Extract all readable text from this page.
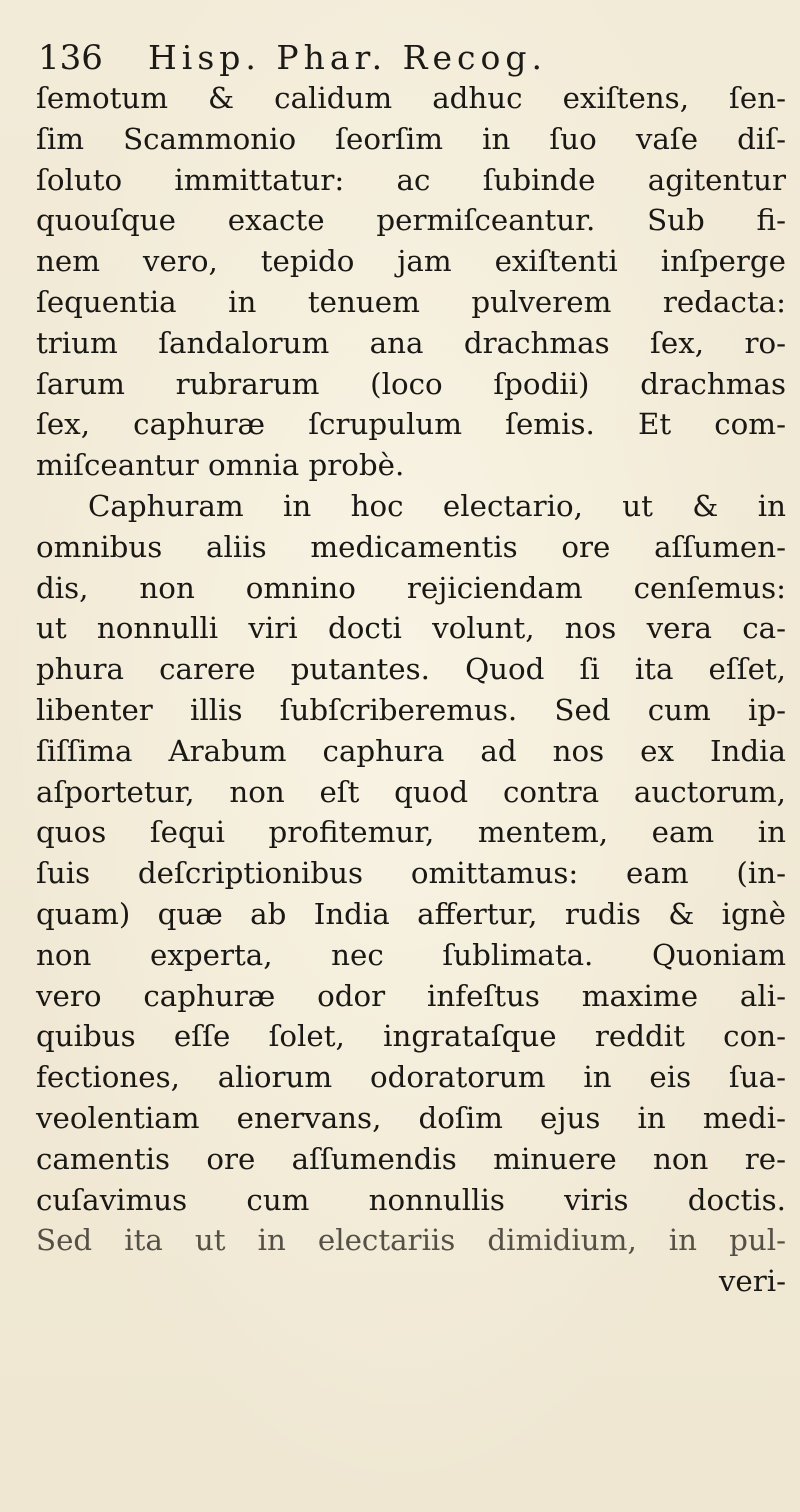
136 Hisp. Phar. Recog.
ſemotum & calidum adhuc exiſtens, ſen-
ſim Scammonio ſeorſim in ſuo vaſe diſ-
ſoluto immittatur: ac ſubinde agitentur
quouſque exacte permiſceantur. Sub fi-
nem vero, tepido jam exiſtenti inſperge
ſequentia in tenuem pulverem redacta:
trium ſandalorum ana drachmas ſex, ro-
ſarum rubrarum (loco ſpodii) drachmas
ſex, caphuræ ſcrupulum ſemis. Et com-
miſceantur omnia probè.
Caphuram in hoc electario, ut & in
omnibus aliis medicamentis ore aſſumen-
dis, non omnino rejiciendam cenſemus:
ut nonnulli viri docti volunt, nos vera ca-
phura carere putantes. Quod ſi ita eſſet,
libenter illis ſubſcriberemus. Sed cum ip-
ſiſſima Arabum caphura ad nos ex India
aſportetur, non eſt quod contra auctorum,
quos ſequi profitemur, mentem, eam in
ſuis deſcriptionibus omittamus: eam (in-
quam) quæ ab India affertur, rudis & ignè
non experta, nec ſublimata. Quoniam
vero caphuræ odor infeſtus maxime ali-
quibus eſſe ſolet, ingrataſque reddit con-
fectiones, aliorum odoratorum in eis ſua-
veolentiam enervans, doſim ejus in medi-
camentis ore aſſumendis minuere non re-
cuſavimus cum nonnullis viris doctis.
Sed ita ut in electariis dimidium, in pul-
veri-
